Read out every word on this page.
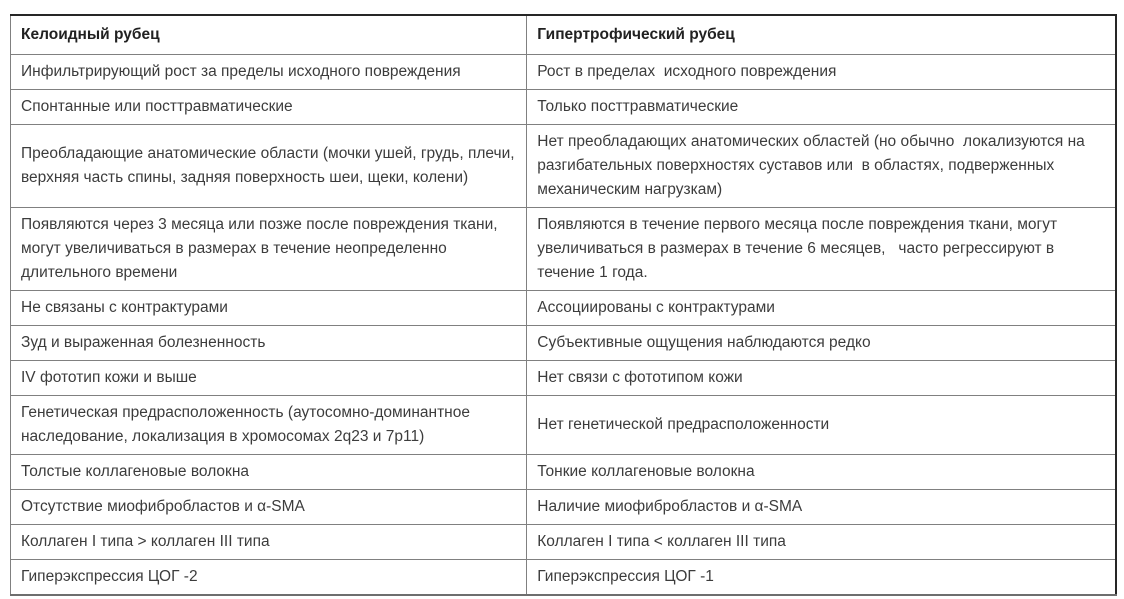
Келоидный рубец	Гипертрофический рубец
Инфильтрирующий рост за пределы исходного повреждения	Рост в пределах  исходного повреждения
Спонтанные или посттравматические	Только посттравматические
Преобладающие анатомические области (мочки ушей, грудь, плечи, верхняя часть спины, задняя поверхность шеи, щеки, колени)	Нет преобладающих анатомических областей (но обычно  локализуются на разгибательных поверхностях суставов или  в областях, подверженных механическим нагрузкам)
Появляются через 3 месяца или позже после повреждения ткани, могут увеличиваться в размерах в течение неопределенно длительного времени	Появляются в течение первого месяца после повреждения ткани, могут увеличиваться в размерах в течение 6 месяцев,   часто регрессируют в течение 1 года.
Не связаны с контрактурами	Ассоциированы с контрактурами
Зуд и выраженная болезненность	Субъективные ощущения наблюдаются редко
IV фототип кожи и выше	Нет связи с фототипом кожи
Генетическая предрасположенность (аутосомно-доминантное наследование, локализация в хромосомах 2q23 и 7p11)	Нет генетической предрасположенности
Толстые коллагеновые волокна	Тонкие коллагеновые волокна
Отсутствие миофибробластов и α-SMA	Наличие миофибробластов и α-SMA
Коллаген I типа > коллаген III типа	Коллаген I типа < коллаген III типа
Гиперэкспрессия ЦОГ -2	Гиперэкспрессия ЦОГ -1
